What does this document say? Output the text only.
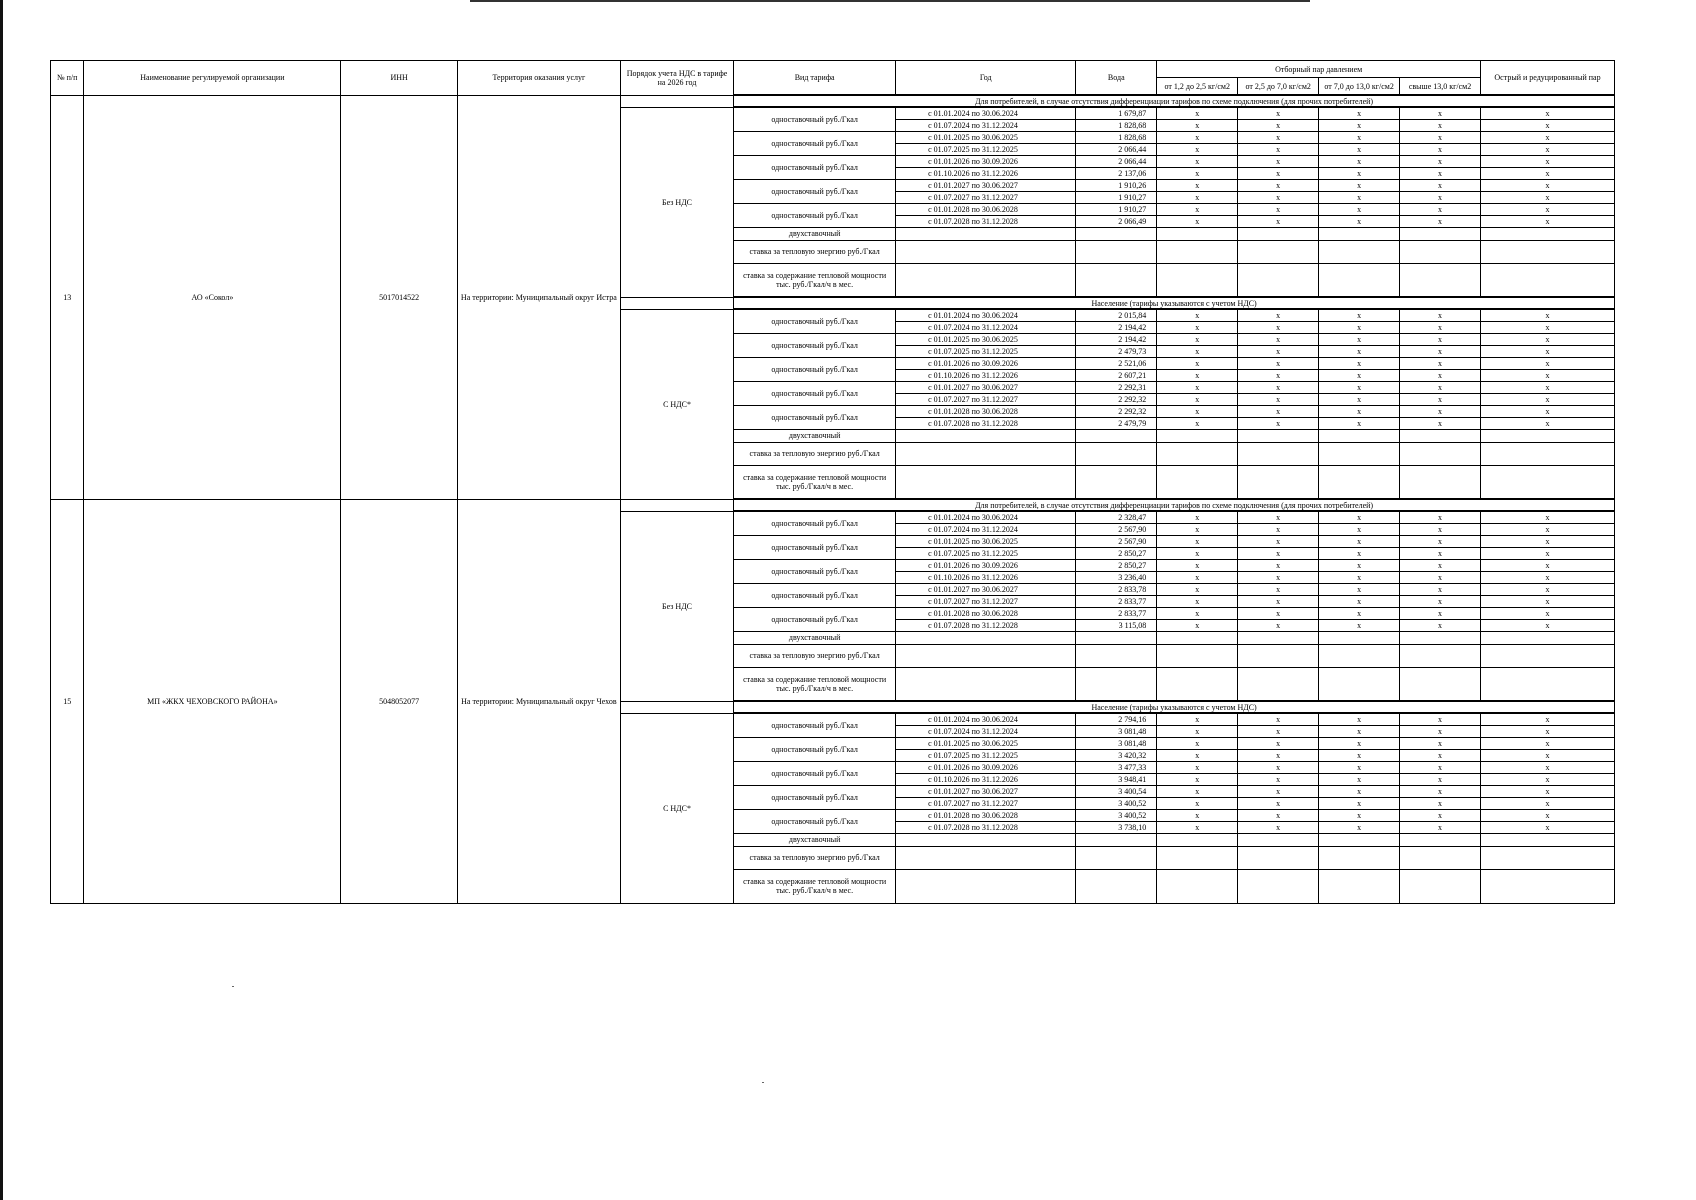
№ п/п	Наименование регулируемой организации	ИНН	Территория оказания услуг	Порядок учета НДС в тарифе на 2026 год	Вид тарифа	Год	Вода	Отборный пар давлением				Острый и редуцированный пар
								от 1,2 до 2,5 кг/см2	от 2,5 до 7,0 кг/см2	от 7,0 до 13,0 кг/см2	свыше 13,0 кг/см2	
13	АО «Сокол»	5017014522	На территории: Муниципальный округ Истра		Для потребителей, в случае отсутствия дифференциации тарифов по схеме подключения (для прочих потребителей)							
				Без НДС	одноставочный руб./Гкал	с 01.01.2024 по 30.06.2024	1 679,87	x	x	x	x	x
						с 01.07.2024 по 31.12.2024	1 828,68	x	x	x	x	x
					одноставочный руб./Гкал	с 01.01.2025 по 30.06.2025	1 828,68	x	x	x	x	x
						с 01.07.2025 по 31.12.2025	2 066,44	x	x	x	x	x
					одноставочный руб./Гкал	с 01.01.2026 по 30.09.2026	2 066,44	x	x	x	x	x
						с 01.10.2026 по 31.12.2026	2 137,06	x	x	x	x	x
					одноставочный руб./Гкал	с 01.01.2027 по 30.06.2027	1 910,26	x	x	x	x	x
						с 01.07.2027 по 31.12.2027	1 910,27	x	x	x	x	x
					одноставочный руб./Гкал	с 01.01.2028 по 30.06.2028	1 910,27	x	x	x	x	x
						с 01.07.2028 по 31.12.2028	2 066,49	x	x	x	x	x
					двухставочный							
					ставка за тепловую энергию руб./Гкал							
					ставка за содержание тепловой мощности тыс. руб./Гкал/ч в мес.							

					Население (тарифы указываются с учетом НДС)							
				С НДС*	одноставочный руб./Гкал	с 01.01.2024 по 30.06.2024	2 015,84	x	x	x	x	x
						с 01.07.2024 по 31.12.2024	2 194,42	x	x	x	x	x
					одноставочный руб./Гкал	с 01.01.2025 по 30.06.2025	2 194,42	x	x	x	x	x
						с 01.07.2025 по 31.12.2025	2 479,73	x	x	x	x	x
					одноставочный руб./Гкал	с 01.01.2026 по 30.09.2026	2 521,06	x	x	x	x	x
						с 01.10.2026 по 31.12.2026	2 607,21	x	x	x	x	x
					одноставочный руб./Гкал	с 01.01.2027 по 30.06.2027	2 292,31	x	x	x	x	x
						с 01.07.2027 по 31.12.2027	2 292,32	x	x	x	x	x
					одноставочный руб./Гкал	с 01.01.2028 по 30.06.2028	2 292,32	x	x	x	x	x
						с 01.07.2028 по 31.12.2028	2 479,79	x	x	x	x	x
					двухставочный							
					ставка за тепловую энергию руб./Гкал							
					ставка за содержание тепловой мощности тыс. руб./Гкал/ч в мес.							

15	МП «ЖКХ ЧЕХОВСКОГО РАЙОНА»	5048052077	На территории: Муниципальный округ Чехов		Для потребителей, в случае отсутствия дифференциации тарифов по схеме подключения (для прочих потребителей)							
				Без НДС	одноставочный руб./Гкал	с 01.01.2024 по 30.06.2024	2 328,47	x	x	x	x	x
						с 01.07.2024 по 31.12.2024	2 567,90	x	x	x	x	x
					одноставочный руб./Гкал	с 01.01.2025 по 30.06.2025	2 567,90	x	x	x	x	x
						с 01.07.2025 по 31.12.2025	2 850,27	x	x	x	x	x
					одноставочный руб./Гкал	с 01.01.2026 по 30.09.2026	2 850,27	x	x	x	x	x
						с 01.10.2026 по 31.12.2026	3 236,40	x	x	x	x	x
					одноставочный руб./Гкал	с 01.01.2027 по 30.06.2027	2 833,78	x	x	x	x	x
						с 01.07.2027 по 31.12.2027	2 833,77	x	x	x	x	x
					одноставочный руб./Гкал	с 01.01.2028 по 30.06.2028	2 833,77	x	x	x	x	x
						с 01.07.2028 по 31.12.2028	3 115,08	x	x	x	x	x
					двухставочный							
					ставка за тепловую энергию руб./Гкал							
					ставка за содержание тепловой мощности тыс. руб./Гкал/ч в мес.							

					Население (тарифы указываются с учетом НДС)							
				С НДС*	одноставочный руб./Гкал	с 01.01.2024 по 30.06.2024	2 794,16	x	x	x	x	x
						с 01.07.2024 по 31.12.2024	3 081,48	x	x	x	x	x
					одноставочный руб./Гкал	с 01.01.2025 по 30.06.2025	3 081,48	x	x	x	x	x
						с 01.07.2025 по 31.12.2025	3 420,32	x	x	x	x	x
					одноставочный руб./Гкал	с 01.01.2026 по 30.09.2026	3 477,33	x	x	x	x	x
						с 01.10.2026 по 31.12.2026	3 948,41	x	x	x	x	x
					одноставочный руб./Гкал	с 01.01.2027 по 30.06.2027	3 400,54	x	x	x	x	x
						с 01.07.2027 по 31.12.2027	3 400,52	x	x	x	x	x
					одноставочный руб./Гкал	с 01.01.2028 по 30.06.2028	3 400,52	x	x	x	x	x
						с 01.07.2028 по 31.12.2028	3 738,10	x	x	x	x	x
					двухставочный							
					ставка за тепловую энергию руб./Гкал							
					ставка за содержание тепловой мощности тыс. руб./Гкал/ч в мес.							
